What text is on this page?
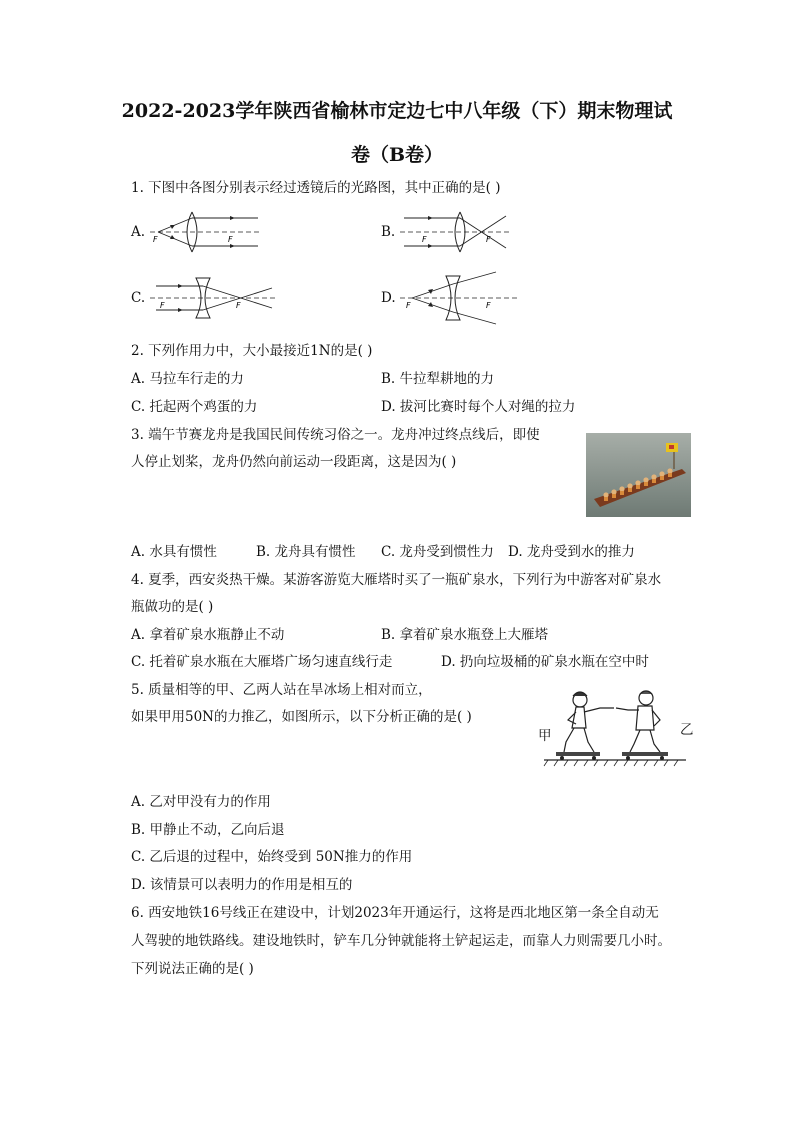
2022-2023学年陕西省榆林市定边七中八年级（下）期末物理试
卷（B卷）
1. 下图中各图分别表示经过透镜后的光路图，其中正确的是( )
A. F	F	B.	F	F
C. F	F	D. F	F
2. 下列作用力中，大小最接近1N的是( )
A. 马拉车行走的力	B. 牛拉犁耕地的力
C. 托起两个鸡蛋的力	D. 拔河比赛时每个人对绳的拉力
3. 端午节赛龙舟是我国民间传统习俗之一。龙舟冲过终点线后，即使
人停止划桨，龙舟仍然向前运动一段距离，这是因为( )
A. 水具有惯性	B. 龙舟具有惯性 C. 龙舟受到惯性力 D. 龙舟受到水的推力
4. 夏季，西安炎热干燥。某游客游览大雁塔时买了一瓶矿泉水，下列行为中游客对矿泉水
瓶做功的是( )
A. 拿着矿泉水瓶静止不动	B. 拿着矿泉水瓶登上大雁塔
C. 托着矿泉水瓶在大雁塔广场匀速直线行走	D. 扔向垃圾桶的矿泉水瓶在空中时
5. 质量相等的甲、乙两人站在旱冰场上相对而立，
如果甲用50N的力推乙，如图所示，以下分析正确的是( )
甲	乙
A. 乙对甲没有力的作用
B. 甲静止不动，乙向后退
C. 乙后退的过程中，始终受到 50N推力的作用
D. 该情景可以表明力的作用是相互的
6. 西安地铁16号线正在建设中，计划2023年开通运行，这将是西北地区第一条全自动无
人驾驶的地铁路线。建设地铁时，铲车几分钟就能将土铲起运走，而靠人力则需要几小时。
下列说法正确的是( )
